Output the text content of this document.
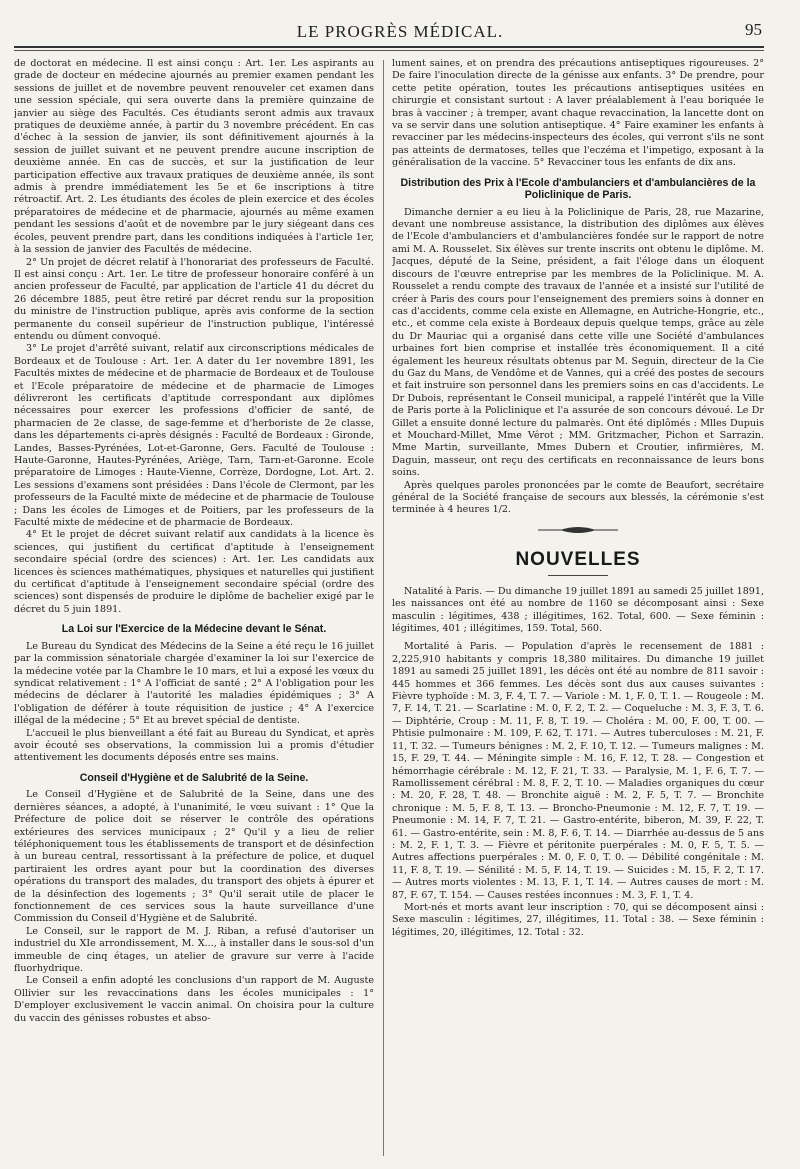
LE PROGRÈS MÉDICAL.	95

de doctorat en médecine. Il est ainsi conçu : Art. 1er. Les aspirants au grade de docteur en médecine ajournés au premier examen pendant les sessions de juillet et de novembre peuvent renouveler cet examen dans une session spéciale, qui sera ouverte dans la première quinzaine de janvier au siège des Facultés. Ces étudiants seront admis aux travaux pratiques de deuxième année, à partir du 3 novembre précédent. En cas d'échec à la session de janvier, ils sont définitivement ajournés à la session de juillet suivant et ne peuvent prendre aucune inscription de deuxième année. En cas de succès, et sur la justification de leur participation effective aux travaux pratiques de deuxième année, ils sont admis à prendre immédiatement les 5e et 6e inscriptions à titre rétroactif. Art. 2. Les étudiants des écoles de plein exercice et des écoles préparatoires de médecine et de pharmacie, ajournés au même examen pendant les sessions d'août et de novembre par le jury siégeant dans ces écoles, peuvent prendre part, dans les conditions indiquées à l'article 1er, à la session de janvier des Facultés de médecine.

2° Un projet de décret relatif à l'honorariat des professeurs de Faculté. Il est ainsi conçu : Art. 1er. Le titre de professeur honoraire conféré à un ancien professeur de Faculté, par application de l'article 41 du décret du 26 décembre 1885, peut être retiré par décret rendu sur la proposition du ministre de l'instruction publique, après avis conforme de la section permanente du conseil supérieur de l'instruction publique, l'intéressé entendu ou dûment convoqué.

3° Le projet d'arrêté suivant, relatif aux circonscriptions médicales de Bordeaux et de Toulouse : Art. 1er. A dater du 1er novembre 1891, les Facultés mixtes de médecine et de pharmacie de Bordeaux et de Toulouse et l'Ecole préparatoire de médecine et de pharmacie de Limoges délivreront les certificats d'aptitude correspondant aux diplômes nécessaires pour exercer les professions d'officier de santé, de pharmacien de 2e classe, de sage-femme et d'herboriste de 2e classe, dans les départements ci-après désignés : Faculté de Bordeaux : Gironde, Landes, Basses-Pyrénées, Lot-et-Garonne, Gers. Faculté de Toulouse : Haute-Garonne, Hautes-Pyrénées, Ariège, Tarn, Tarn-et-Garonne. Ecole préparatoire de Limoges : Haute-Vienne, Corrèze, Dordogne, Lot. Art. 2. Les sessions d'examens sont présidées : Dans l'école de Clermont, par les professeurs de la Faculté mixte de médecine et de pharmacie de Toulouse ; Dans les écoles de Limoges et de Poitiers, par les professeurs de la Faculté mixte de médecine et de pharmacie de Bordeaux.

4° Et le projet de décret suivant relatif aux candidats à la licence ès sciences, qui justifient du certificat d'aptitude à l'enseignement secondaire spécial (ordre des sciences) : Art. 1er. Les candidats aux licences ès sciences mathématiques, physiques et naturelles qui justifient du certificat d'aptitude à l'enseignement secondaire spécial (ordre des sciences) sont dispensés de produire le diplôme de bachelier exigé par le décret du 5 juin 1891.

La Loi sur l'Exercice de la Médecine devant le Sénat.

Le Bureau du Syndicat des Médecins de la Seine a été reçu le 16 juillet par la commission sénatoriale chargée d'examiner la loi sur l'exercice de la médecine votée par la Chambre le 10 mars, et lui a exposé les vœux du syndicat relativement : 1° A l'officiat de santé ; 2° A l'obligation pour les médecins de déclarer à l'autorité les maladies épidémiques ; 3° A l'obligation de déférer à toute réquisition de justice ; 4° A l'exercice illégal de la médecine ; 5° Et au brevet spécial de dentiste.

L'accueil le plus bienveillant a été fait au Bureau du Syndicat, et après avoir écouté ses observations, la commission lui a promis d'étudier attentivement les documents déposés entre ses mains.

Conseil d'Hygiène et de Salubrité de la Seine.

Le Conseil d'Hygiène et de Salubrité de la Seine, dans une des dernières séances, a adopté, à l'unanimité, le vœu suivant : 1° Que la Préfecture de police doit se réserver le contrôle des opérations extérieures des services municipaux ; 2° Qu'il y a lieu de relier téléphoniquement tous les établissements de transport et de désinfection à un bureau central, ressortissant à la préfecture de police, et duquel partiraient les ordres ayant pour but la coordination des diverses opérations du transport des malades, du transport des objets à épurer et de la désinfection des logements ; 3° Qu'il serait utile de placer le fonctionnement de ces services sous la haute surveillance d'une Commission du Conseil d'Hygiène et de Salubrité.

Le Conseil, sur le rapport de M. J. Riban, a refusé d'autoriser un industriel du XIe arrondissement, M. X..., à installer dans le sous-sol d'un immeuble de cinq étages, un atelier de gravure sur verre à l'acide fluorhydrique.

Le Conseil a enfin adopté les conclusions d'un rapport de M. Auguste Ollivier sur les revaccinations dans les écoles municipales : 1° D'employer exclusivement le vaccin animal. On choisira pour la culture du vaccin des génisses robustes et abso-

lument saines, et on prendra des précautions antiseptiques rigoureuses. 2° De faire l'inoculation directe de la génisse aux enfants. 3° De prendre, pour cette petite opération, toutes les précautions antiseptiques usitées en chirurgie et consistant surtout : A laver préalablement à l'eau boriquée le bras à vacciner ; à tremper, avant chaque revaccination, la lancette dont on va se servir dans une solution antiseptique. 4° Faire examiner les enfants à revacciner par les médecins-inspecteurs des écoles, qui verront s'ils ne sont pas atteints de dermatoses, telles que l'eczéma et l'impetigo, exposant à la généralisation de la vaccine. 5° Revacciner tous les enfants de dix ans.

Distribution des Prix à l'Ecole d'ambulanciers et d'ambulancières de la Policlinique de Paris.

Dimanche dernier a eu lieu à la Policlinique de Paris, 28, rue Mazarine, devant une nombreuse assistance, la distribution des diplômes aux élèves de l'Ecole d'ambulanciers et d'ambulancières fondée sur le rapport de notre ami M. A. Rousselet. Six élèves sur trente inscrits ont obtenu le diplôme. M. Jacques, député de la Seine, président, a fait l'éloge dans un éloquent discours de l'œuvre entreprise par les membres de la Policlinique. M. A. Rousselet a rendu compte des travaux de l'année et a insisté sur l'utilité de créer à Paris des cours pour l'enseignement des premiers soins à donner en cas d'accidents, comme cela existe en Allemagne, en Autriche-Hongrie, etc., etc., et comme cela existe à Bordeaux depuis quelque temps, grâce au zèle du Dr Mauriac qui a organisé dans cette ville une Société d'ambulances urbaines fort bien comprise et installée très économiquement. Il a cité également les heureux résultats obtenus par M. Seguin, directeur de la Cie du Gaz du Mans, de Vendôme et de Vannes, qui a créé des postes de secours et fait instruire son personnel dans les premiers soins en cas d'accidents. Le Dr Dubois, représentant le Conseil municipal, a rappelé l'intérêt que la Ville de Paris porte à la Policlinique et l'a assurée de son concours dévoué. Le Dr Gillet a ensuite donné lecture du palmarès. Ont été diplômés : Mlles Dupuis et Mouchard-Millet, Mme Vérot ; MM. Gritzmacher, Pichon et Sarrazin. Mme Martin, surveillante, Mmes Dubern et Croutier, infirmières, M. Daguin, masseur, ont reçu des certificats en reconnaissance de leurs bons soins.

Après quelques paroles prononcées par le comte de Beaufort, secrétaire général de la Société française de secours aux blessés, la cérémonie s'est terminée à 4 heures 1/2.

NOUVELLES

Natalité à Paris. — Du dimanche 19 juillet 1891 au samedi 25 juillet 1891, les naissances ont été au nombre de 1160 se décomposant ainsi : Sexe masculin : légitimes, 438 ; illégitimes, 162. Total, 600. — Sexe féminin : légitimes, 401 ; illégitimes, 159. Total, 560.

Mortalité à Paris. — Population d'après le recensement de 1881 : 2,225,910 habitants y compris 18,380 militaires. Du dimanche 19 juillet 1891 au samedi 25 juillet 1891, les décès ont été au nombre de 811 savoir : 445 hommes et 366 femmes. Les décès sont dus aux causes suivantes : Fièvre typhoïde : M. 3, F. 4, T. 7. — Variole : M. 1, F. 0, T. 1. — Rougeole : M. 7, F. 14, T. 21. — Scarlatine : M. 0, F. 2, T. 2. — Coqueluche : M. 3, F. 3, T. 6. — Diphtérie, Croup : M. 11, F. 8, T. 19. — Choléra : M. 00, F. 00, T. 00. — Phtisie pulmonaire : M. 109, F. 62, T. 171. — Autres tuberculoses : M. 21, F. 11, T. 32. — Tumeurs bénignes : M. 2, F. 10, T. 12. — Tumeurs malignes : M. 15, F. 29, T. 44. — Méningite simple : M. 16, F. 12, T. 28. — Congestion et hémorrhagie cérébrale : M. 12, F. 21, T. 33. — Paralysie, M. 1, F. 6, T. 7. — Ramollissement cérébral : M. 8, F. 2, T. 10. — Maladies organiques du cœur : M. 20, F. 28, T. 48. — Bronchite aiguë : M. 2, F. 5, T. 7. — Bronchite chronique : M. 5, F. 8, T. 13. — Broncho-Pneumonie : M. 12, F. 7, T. 19. — Pneumonie : M. 14, F. 7, T. 21. — Gastro-entérite, biberon, M. 39, F. 22, T. 61. — Gastro-entérite, sein : M. 8, F. 6, T. 14. — Diarrhée au-dessus de 5 ans : M. 2, F. 1, T. 3. — Fièvre et péritonite puerpérales : M. 0, F. 5, T. 5. — Autres affections puerpérales : M. 0, F. 0, T. 0. — Débilité congénitale : M. 11, F. 8, T. 19. — Sénilité : M. 5, F. 14, T. 19. — Suicides : M. 15, F. 2, T. 17. — Autres morts violentes : M. 13, F. 1, T. 14. — Autres causes de mort : M. 87, F. 67, T. 154. — Causes restées inconnues : M. 3, F. 1, T. 4.

Mort-nés et morts avant leur inscription : 70, qui se décomposent ainsi : Sexe masculin : légitimes, 27, illégitimes, 11. Total : 38. — Sexe féminin : légitimes, 20, illégitimes, 12. Total : 32.
